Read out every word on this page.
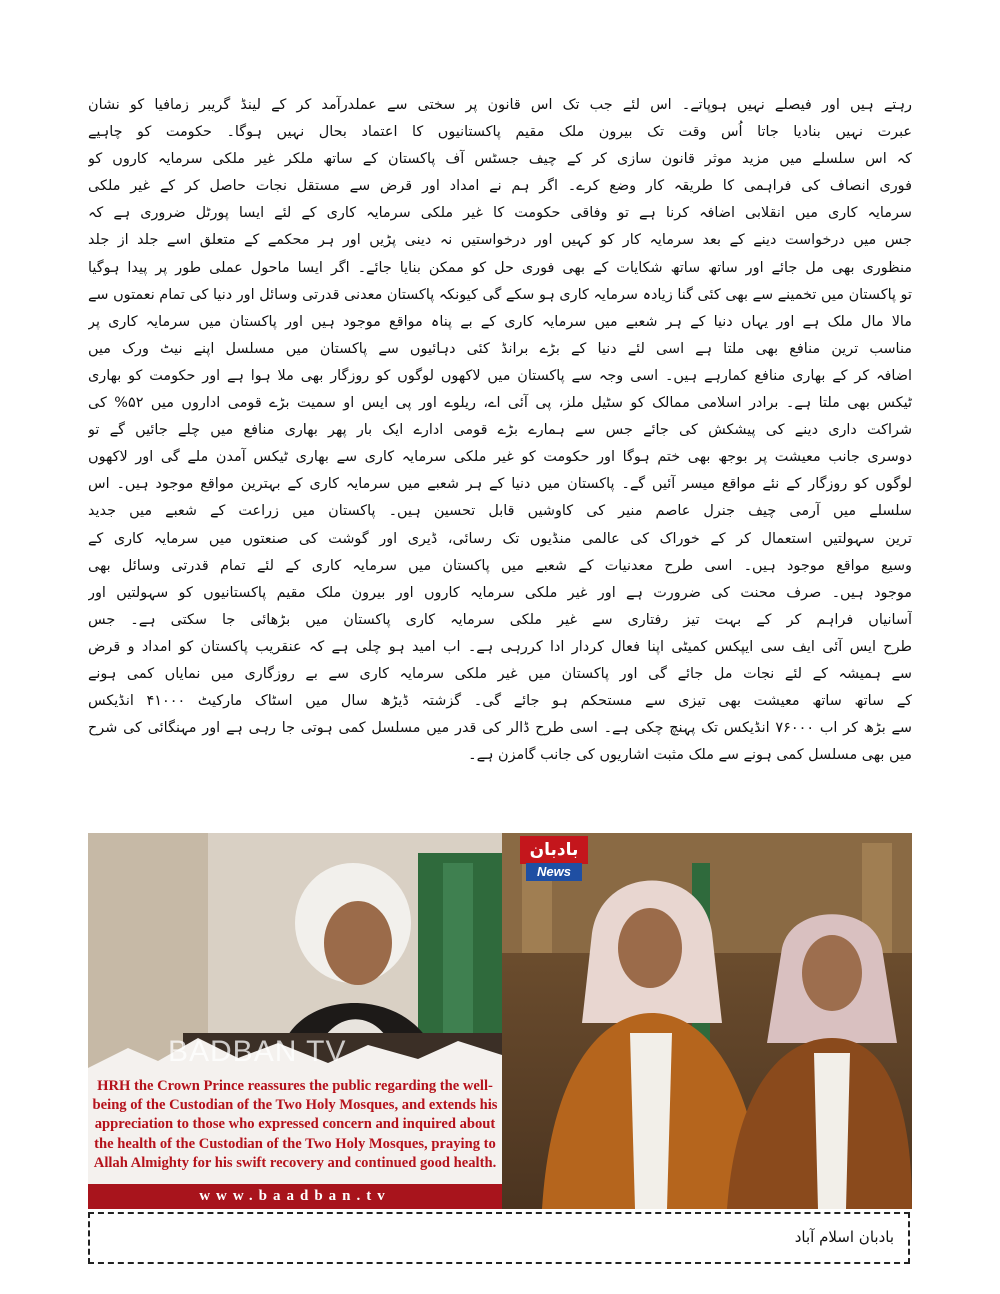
رہتے ہیں اور فیصلے نہیں ہوپاتے۔ اس لئے جب تک اس قانون پر سختی سے عملدرآمد کر کے لینڈ گریبر زمافیا کو نشان
عبرت نہیں بنادیا جاتا اُس وقت تک بیرون ملک مقیم پاکستانیوں کا اعتماد بحال نہیں ہوگا۔ حکومت کو چاہیے
کہ اس سلسلے میں مزید موثر قانون سازی کر کے چیف جسٹس آف پاکستان کے ساتھ ملکر غیر ملکی سرمایہ کاروں کو
فوری انصاف کی فراہمی کا طریقہ کار وضع کرے۔ اگر ہم نے امداد اور قرض سے مستقل نجات حاصل کر کے غیر ملکی
سرمایہ کاری میں انقلابی اضافہ کرنا ہے تو وفاقی حکومت کا غیر ملکی سرمایہ کاری کے لئے ایسا پورٹل ضروری ہے کہ
جس میں درخواست دینے کے بعد سرمایہ کار کو کہیں اور درخواستیں نہ دینی پڑیں اور ہر محکمے کے متعلق اسے جلد از جلد
منظوری بھی مل جائے اور ساتھ ساتھ شکایات کے بھی فوری حل کو ممکن بنایا جائے۔ اگر ایسا ماحول عملی طور پر پیدا ہوگیا
تو پاکستان میں تخمینے سے بھی کئی گنا زیادہ سرمایہ کاری ہو سکے گی کیونکہ پاکستان معدنی قدرتی وسائل اور دنیا کی تمام نعمتوں سے
مالا مال ملک ہے اور یہاں دنیا کے ہر شعبے میں سرمایہ کاری کے بے پناہ مواقع موجود ہیں اور پاکستان میں سرمایہ کاری پر
مناسب ترین منافع بھی ملتا ہے اسی لئے دنیا کے بڑے برانڈ کئی دہائیوں سے پاکستان میں مسلسل اپنے نیٹ ورک میں
اضافہ کر کے بھاری منافع کمارہے ہیں۔ اسی وجہ سے پاکستان میں لاکھوں لوگوں کو روزگار بھی ملا ہوا ہے اور حکومت کو بھاری
ٹیکس بھی ملتا ہے۔ برادر اسلامی ممالک کو سٹیل ملز، پی آئی اے، ریلوے اور پی ایس او سمیت بڑے قومی اداروں میں ۵۲% کی
شراکت داری دینے کی پیشکش کی جائے جس سے ہمارے بڑے قومی ادارے ایک بار پھر بھاری منافع میں چلے جائیں گے تو
دوسری جانب معیشت پر بوجھ بھی ختم ہوگا اور حکومت کو غیر ملکی سرمایہ کاری سے بھاری ٹیکس آمدن ملے گی اور لاکھوں
لوگوں کو روزگار کے نئے مواقع میسر آئیں گے۔ پاکستان میں دنیا کے ہر شعبے میں سرمایہ کاری کے بہترین مواقع موجود ہیں۔ اس
سلسلے میں آرمی چیف جنرل عاصم منیر کی کاوشیں قابل تحسین ہیں۔ پاکستان میں زراعت کے شعبے میں جدید
ترین سہولتیں استعمال کر کے خوراک کی عالمی منڈیوں تک رسائی، ڈیری اور گوشت کی صنعتوں میں سرمایہ کاری کے
وسیع مواقع موجود ہیں۔ اسی طرح معدنیات کے شعبے میں پاکستان میں سرمایہ کاری کے لئے تمام قدرتی وسائل بھی
موجود ہیں۔ صرف محنت کی ضرورت ہے اور غیر ملکی سرمایہ کاروں اور بیرون ملک مقیم پاکستانیوں کو سہولتیں اور
آسانیاں فراہم کر کے بہت تیز رفتاری سے غیر ملکی سرمایہ کاری پاکستان میں بڑھائی جا سکتی ہے۔ جس
طرح ایس آئی ایف سی ایپکس کمیٹی اپنا فعال کردار ادا کررہی ہے۔ اب امید ہو چلی ہے کہ عنقریب پاکستان کو امداد و قرض
سے ہمیشہ کے لئے نجات مل جائے گی اور پاکستان میں غیر ملکی سرمایہ کاری سے بے روزگاری میں نمایاں کمی ہونے
کے ساتھ ساتھ معیشت بھی تیزی سے مستحکم ہو جائے گی۔ گزشتہ ڈیڑھ سال میں اسٹاک مارکیٹ ۴۱۰۰۰ انڈیکس
سے بڑھ کر اب ۷۶۰۰۰ انڈیکس تک پہنچ چکی ہے۔ اسی طرح ڈالر کی قدر میں مسلسل کمی ہوتی جا رہی ہے اور مہنگائی کی شرح
میں بھی مسلسل کمی ہونے سے ملک مثبت اشاریوں کی جانب گامزن ہے۔
BADBAN TV
HRH the Crown Prince reassures the public regarding the well-being of the Custodian of the Two Holy Mosques, and extends his appreciation to those who expressed concern and inquired about the health of the Custodian of the Two Holy Mosques, praying to Allah Almighty for his swift recovery and continued good health.
www.baadban.tv
بادبان
News
بادبان اسلام آباد
